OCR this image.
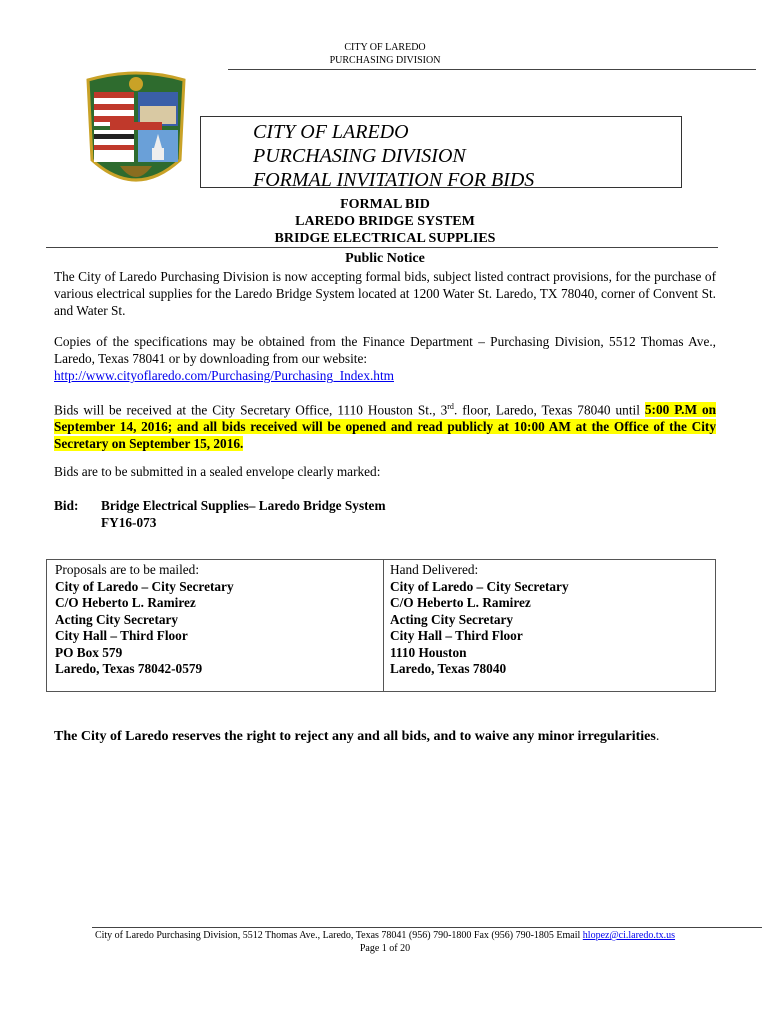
CITY OF LAREDO
PURCHASING DIVISION
CITY OF LAREDO
PURCHASING DIVISION
FORMAL INVITATION FOR BIDS
FORMAL BID
LAREDO BRIDGE SYSTEM
BRIDGE ELECTRICAL SUPPLIES
Public Notice
The City of Laredo Purchasing Division is now accepting formal bids, subject listed contract provisions, for the purchase of various electrical supplies for the Laredo Bridge System located at 1200 Water St. Laredo, TX 78040, corner of Convent St. and Water St.
Copies of the specifications may be obtained from the Finance Department – Purchasing Division, 5512 Thomas Ave., Laredo, Texas 78041 or by downloading from our website:
http://www.cityoflaredo.com/Purchasing/Purchasing_Index.htm
Bids will be received at the City Secretary Office, 1110 Houston St., 3rd. floor, Laredo, Texas 78040 until 5:00 P.M on September 14, 2016; and all bids received will be opened and read publicly at 10:00 AM at the Office of the City Secretary on September 15, 2016.
Bids are to be submitted in a sealed envelope clearly marked:
Bid: Bridge Electrical Supplies– Laredo Bridge System
FY16-073
Proposals are to be mailed:
City of Laredo – City Secretary
C/O Heberto L. Ramirez
Acting City Secretary
City Hall – Third Floor
PO Box 579
Laredo, Texas 78042-0579
Hand Delivered:
City of Laredo – City Secretary
C/O Heberto L. Ramirez
Acting City Secretary
City Hall – Third Floor
1110 Houston
Laredo, Texas 78040
The City of Laredo reserves the right to reject any and all bids, and to waive any minor irregularities.
City of Laredo Purchasing Division, 5512 Thomas Ave., Laredo, Texas 78041 (956) 790-1800 Fax (956) 790-1805 Email hlopez@ci.laredo.tx.us
Page 1 of 20
